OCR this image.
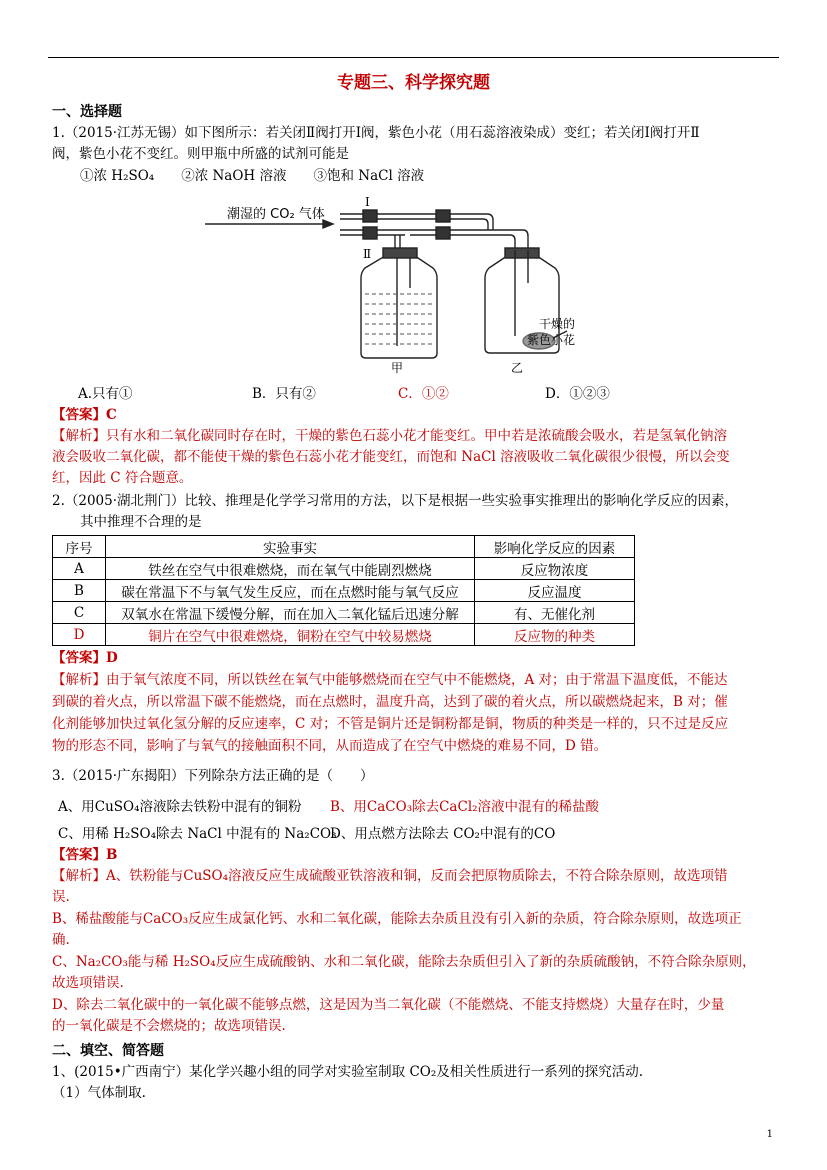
专题三、科学探究题
一、选择题
1.（2015·江苏无锡）如下图所示：若关闭Ⅱ阀打开Ⅰ阀，紫色小花（用石蕊溶液染成）变红；若关闭Ⅰ阀打开Ⅱ
阀，紫色小花不变红。则甲瓶中所盛的试剂可能是
①浓 H₂SO₄　　②浓 NaOH 溶液　　③饱和 NaCl 溶液
潮湿的 CO₂ 气体
Ⅰ
Ⅱ
甲	乙
干燥的
紫色小花
A.只有①	B．只有②	C．①②	D．①②③
【答案】C
【解析】只有水和二氧化碳同时存在时，干燥的紫色石蕊小花才能变红。甲中若是浓硫酸会吸水，若是氢氧化钠溶
液会吸收二氧化碳，都不能使干燥的紫色石蕊小花才能变红，而饱和 NaCl 溶液吸收二氧化碳很少很慢，所以会变
红，因此 C 符合题意。
2.（2005·湖北荆门）比较、推理是化学学习常用的方法，以下是根据一些实验事实推理出的影响化学反应的因素，
其中推理不合理的是
序号	实验事实	影响化学反应的因素
A	铁丝在空气中很难燃烧，而在氧气中能剧烈燃烧	反应物浓度
B	碳在常温下不与氧气发生反应，而在点燃时能与氧气反应	反应温度
C	双氧水在常温下缓慢分解，而在加入二氧化锰后迅速分解	有、无催化剂
D	铜片在空气中很难燃烧，铜粉在空气中较易燃烧	反应物的种类
【答案】D
【解析】由于氧气浓度不同，所以铁丝在氧气中能够燃烧而在空气中不能燃烧，A 对；由于常温下温度低，不能达
到碳的着火点，所以常温下碳不能燃烧，而在点燃时，温度升高，达到了碳的着火点，所以碳燃烧起来，B 对；催
化剂能够加快过氧化氢分解的反应速率，C 对；不管是铜片还是铜粉都是铜，物质的种类是一样的，只不过是反应
物的形态不同，影响了与氧气的接触面积不同，从而造成了在空气中燃烧的难易不同，D 错。
3.（2015·广东揭阳）下列除杂方法正确的是（　　）
A、用CuSO₄溶液除去铁粉中混有的铜粉	B、用CaCO₃除去CaCl₂溶液中混有的稀盐酸
C、用稀 H₂SO₄除去 NaCl 中混有的 Na₂CO₃
D、用点燃方法除去 CO₂中混有的CO
【答案】B
【解析】A、铁粉能与CuSO₄溶液反应生成硫酸亚铁溶液和铜，反而会把原物质除去，不符合除杂原则，故选项错
误.
B、稀盐酸能与CaCO₃反应生成氯化钙、水和二氧化碳，能除去杂质且没有引入新的杂质，符合除杂原则，故选项正
确.
C、Na₂CO₃能与稀 H₂SO₄反应生成硫酸钠、水和二氧化碳，能除去杂质但引入了新的杂质硫酸钠，不符合除杂原则，
故选项错误.
D、除去二氧化碳中的一氧化碳不能够点燃，这是因为当二氧化碳（不能燃烧、不能支持燃烧）大量存在时，少量
的一氧化碳是不会燃烧的；故选项错误.
二、填空、简答题
1、(2015•广西南宁）某化学兴趣小组的同学对实验室制取 CO₂及相关性质进行一系列的探究活动.
（1）气体制取.
1
